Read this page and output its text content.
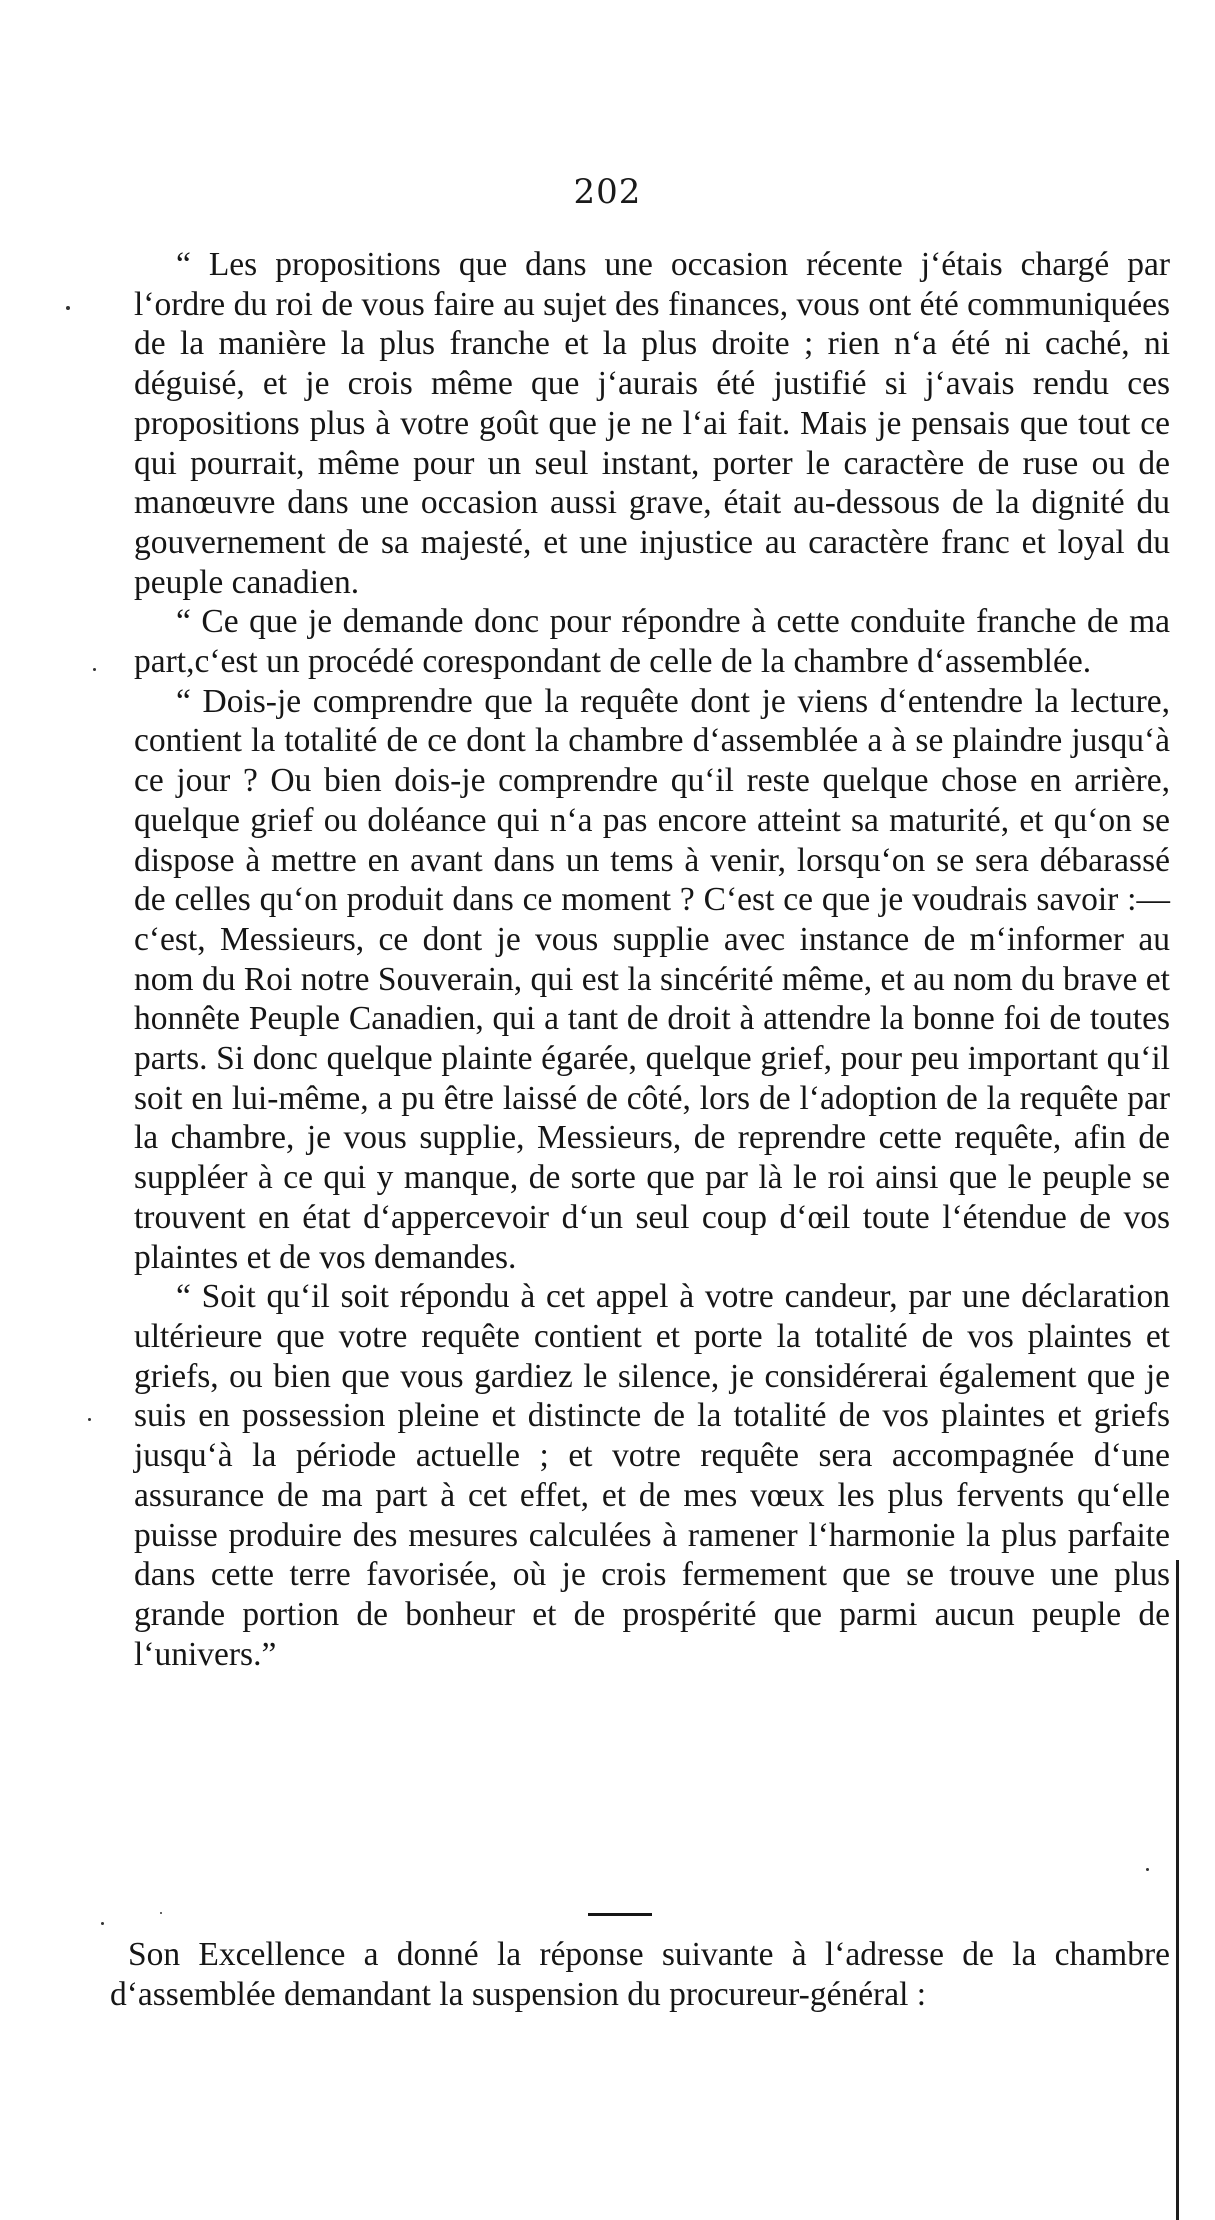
202

“ Les propositions que dans une occasion récente j‘étais chargé par l‘ordre du roi de vous faire au sujet des finances, vous ont été communiquées de la manière la plus franche et la plus droite ; rien n‘a été ni caché, ni déguisé, et je crois même que j‘aurais été justifié si j‘avais rendu ces propositions plus à votre goût que je ne l‘ai fait. Mais je pensais que tout ce qui pourrait, même pour un seul instant, porter le caractère de ruse ou de manœuvre dans une occasion aussi grave, était au-dessous de la dignité du gouvernement de sa majesté, et une injustice au caractère franc et loyal du peuple canadien.

“ Ce que je demande donc pour répondre à cette conduite franche de ma part,c‘est un procédé corespondant de celle de la chambre d‘assemblée.

“ Dois-je comprendre que la requête dont je viens d‘entendre la lecture, contient la totalité de ce dont la chambre d‘assemblée a à se plaindre jusqu‘à ce jour ? Ou bien dois-je comprendre qu‘il reste quelque chose en arrière, quelque grief ou doléance qui n‘a pas encore atteint sa maturité, et qu‘on se dispose à mettre en avant dans un tems à venir, lorsqu‘on se sera débarassé de celles qu‘on produit dans ce moment ? C‘est ce que je voudrais savoir :—c‘est, Messieurs, ce dont je vous supplie avec instance de m‘informer au nom du Roi notre Souverain, qui est la sincérité même, et au nom du brave et honnête Peuple Canadien, qui a tant de droit à attendre la bonne foi de toutes parts. Si donc quelque plainte égarée, quelque grief, pour peu important qu‘il soit en lui-même, a pu être laissé de côté, lors de l‘adoption de la requête par la chambre, je vous supplie, Messieurs, de reprendre cette requête, afin de suppléer à ce qui y manque, de sorte que par là le roi ainsi que le peuple se trouvent en état d‘appercevoir d‘un seul coup d‘œil toute l‘étendue de vos plaintes et de vos demandes.

“ Soit qu‘il soit répondu à cet appel à votre candeur, par une déclaration ultérieure que votre requête contient et porte la totalité de vos plaintes et griefs, ou bien que vous gardiez le silence, je considérerai également que je suis en possession pleine et distincte de la totalité de vos plaintes et griefs jusqu‘à la période actuelle ; et votre requête sera accompagnée d‘une assurance de ma part à cet effet, et de mes vœux les plus fervents qu‘elle puisse produire des mesures calculées à ramener l‘harmonie la plus parfaite dans cette terre favorisée, où je crois fermement que se trouve une plus grande portion de bonheur et de prospérité que parmi aucun peuple de l‘univers.”

Son Excellence a donné la réponse suivante à l‘adresse de la chambre d‘assemblée demandant la suspension du procureur-général :
